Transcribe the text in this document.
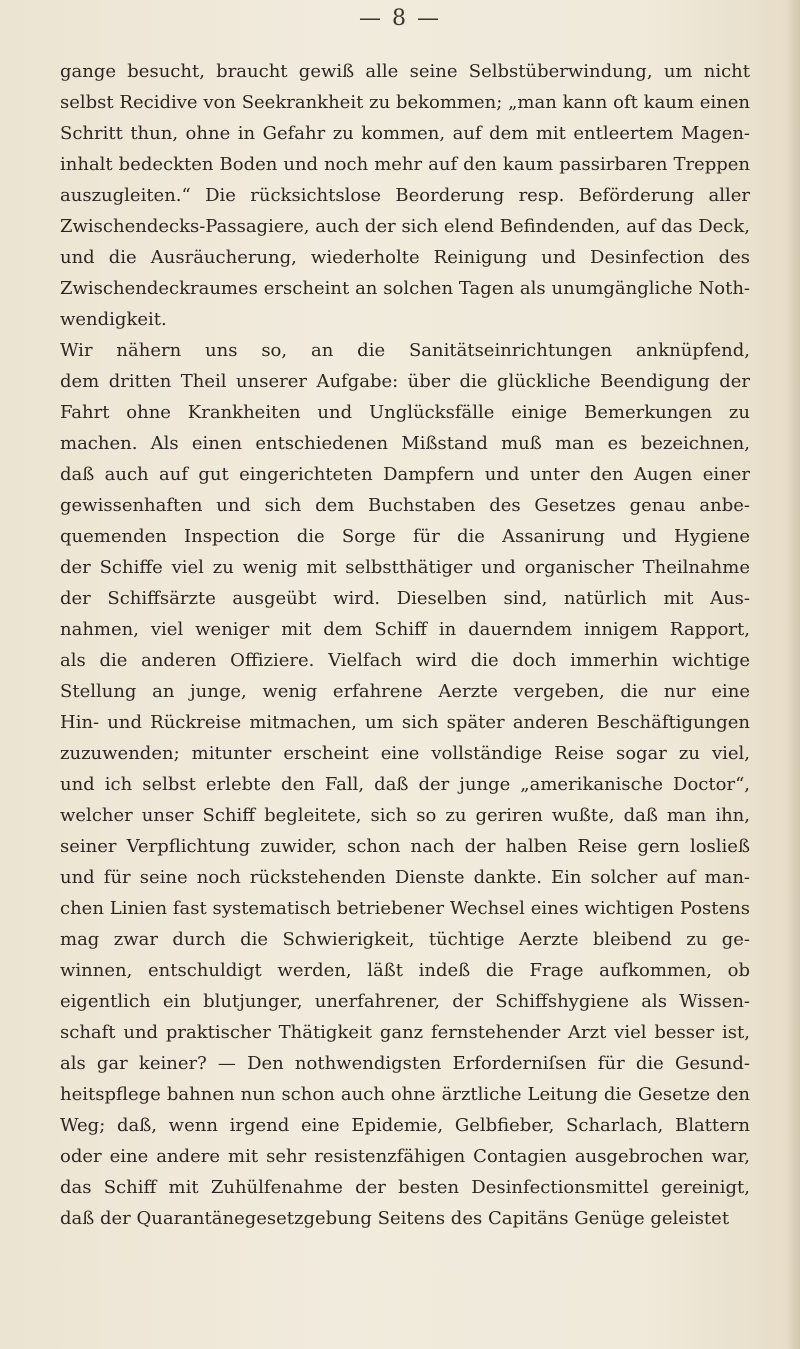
— 8 —
gange besucht, braucht gewiß alle seine Selbstüberwindung, um nicht
selbst Recidive von Seekrankheit zu bekommen; „man kann oft kaum einen
Schritt thun, ohne in Gefahr zu kommen, auf dem mit entleertem Magen-
inhalt bedeckten Boden und noch mehr auf den kaum passirbaren Treppen
auszugleiten.“ Die rücksichtslose Beorderung resp. Beförderung aller
Zwischendecks-Passagiere, auch der sich elend Befindenden, auf das Deck,
und die Ausräucherung, wiederholte Reinigung und Desinfection des
Zwischendeckraumes erscheint an solchen Tagen als unumgängliche Noth-
wendigkeit.
Wir nähern uns so, an die Sanitätseinrichtungen anknüpfend,
dem dritten Theil unserer Aufgabe: über die glückliche Beendigung der
Fahrt ohne Krankheiten und Unglücksfälle einige Bemerkungen zu
machen. Als einen entschiedenen Mißstand muß man es bezeichnen,
daß auch auf gut eingerichteten Dampfern und unter den Augen einer
gewissenhaften und sich dem Buchstaben des Gesetzes genau anbe-
quemenden Inspection die Sorge für die Assanirung und Hygiene
der Schiffe viel zu wenig mit selbstthätiger und organischer Theilnahme
der Schiffsärzte ausgeübt wird. Dieselben sind, natürlich mit Aus-
nahmen, viel weniger mit dem Schiff in dauerndem innigem Rapport,
als die anderen Offiziere. Vielfach wird die doch immerhin wichtige
Stellung an junge, wenig erfahrene Aerzte vergeben, die nur eine
Hin- und Rückreise mitmachen, um sich später anderen Beschäftigungen
zuzuwenden; mitunter erscheint eine vollständige Reise sogar zu viel,
und ich selbst erlebte den Fall, daß der junge „amerikanische Doctor“,
welcher unser Schiff begleitete, sich so zu geriren wußte, daß man ihn,
seiner Verpflichtung zuwider, schon nach der halben Reise gern losließ
und für seine noch rückstehenden Dienste dankte. Ein solcher auf man-
chen Linien fast systematisch betriebener Wechsel eines wichtigen Postens
mag zwar durch die Schwierigkeit, tüchtige Aerzte bleibend zu ge-
winnen, entschuldigt werden, läßt indeß die Frage aufkommen, ob
eigentlich ein blutjunger, unerfahrener, der Schiffshygiene als Wissen-
schaft und praktischer Thätigkeit ganz fernstehender Arzt viel besser ist,
als gar keiner? — Den nothwendigsten Erforderniſsen für die Gesund-
heitspflege bahnen nun schon auch ohne ärztliche Leitung die Gesetze den
Weg; daß, wenn irgend eine Epidemie, Gelbfieber, Scharlach, Blattern
oder eine andere mit sehr resistenzfähigen Contagien ausgebrochen war,
das Schiff mit Zuhülfenahme der besten Desinfectionsmittel gereinigt,
daß der Quarantänegesetzgebung Seitens des Capitäns Genüge geleistet
